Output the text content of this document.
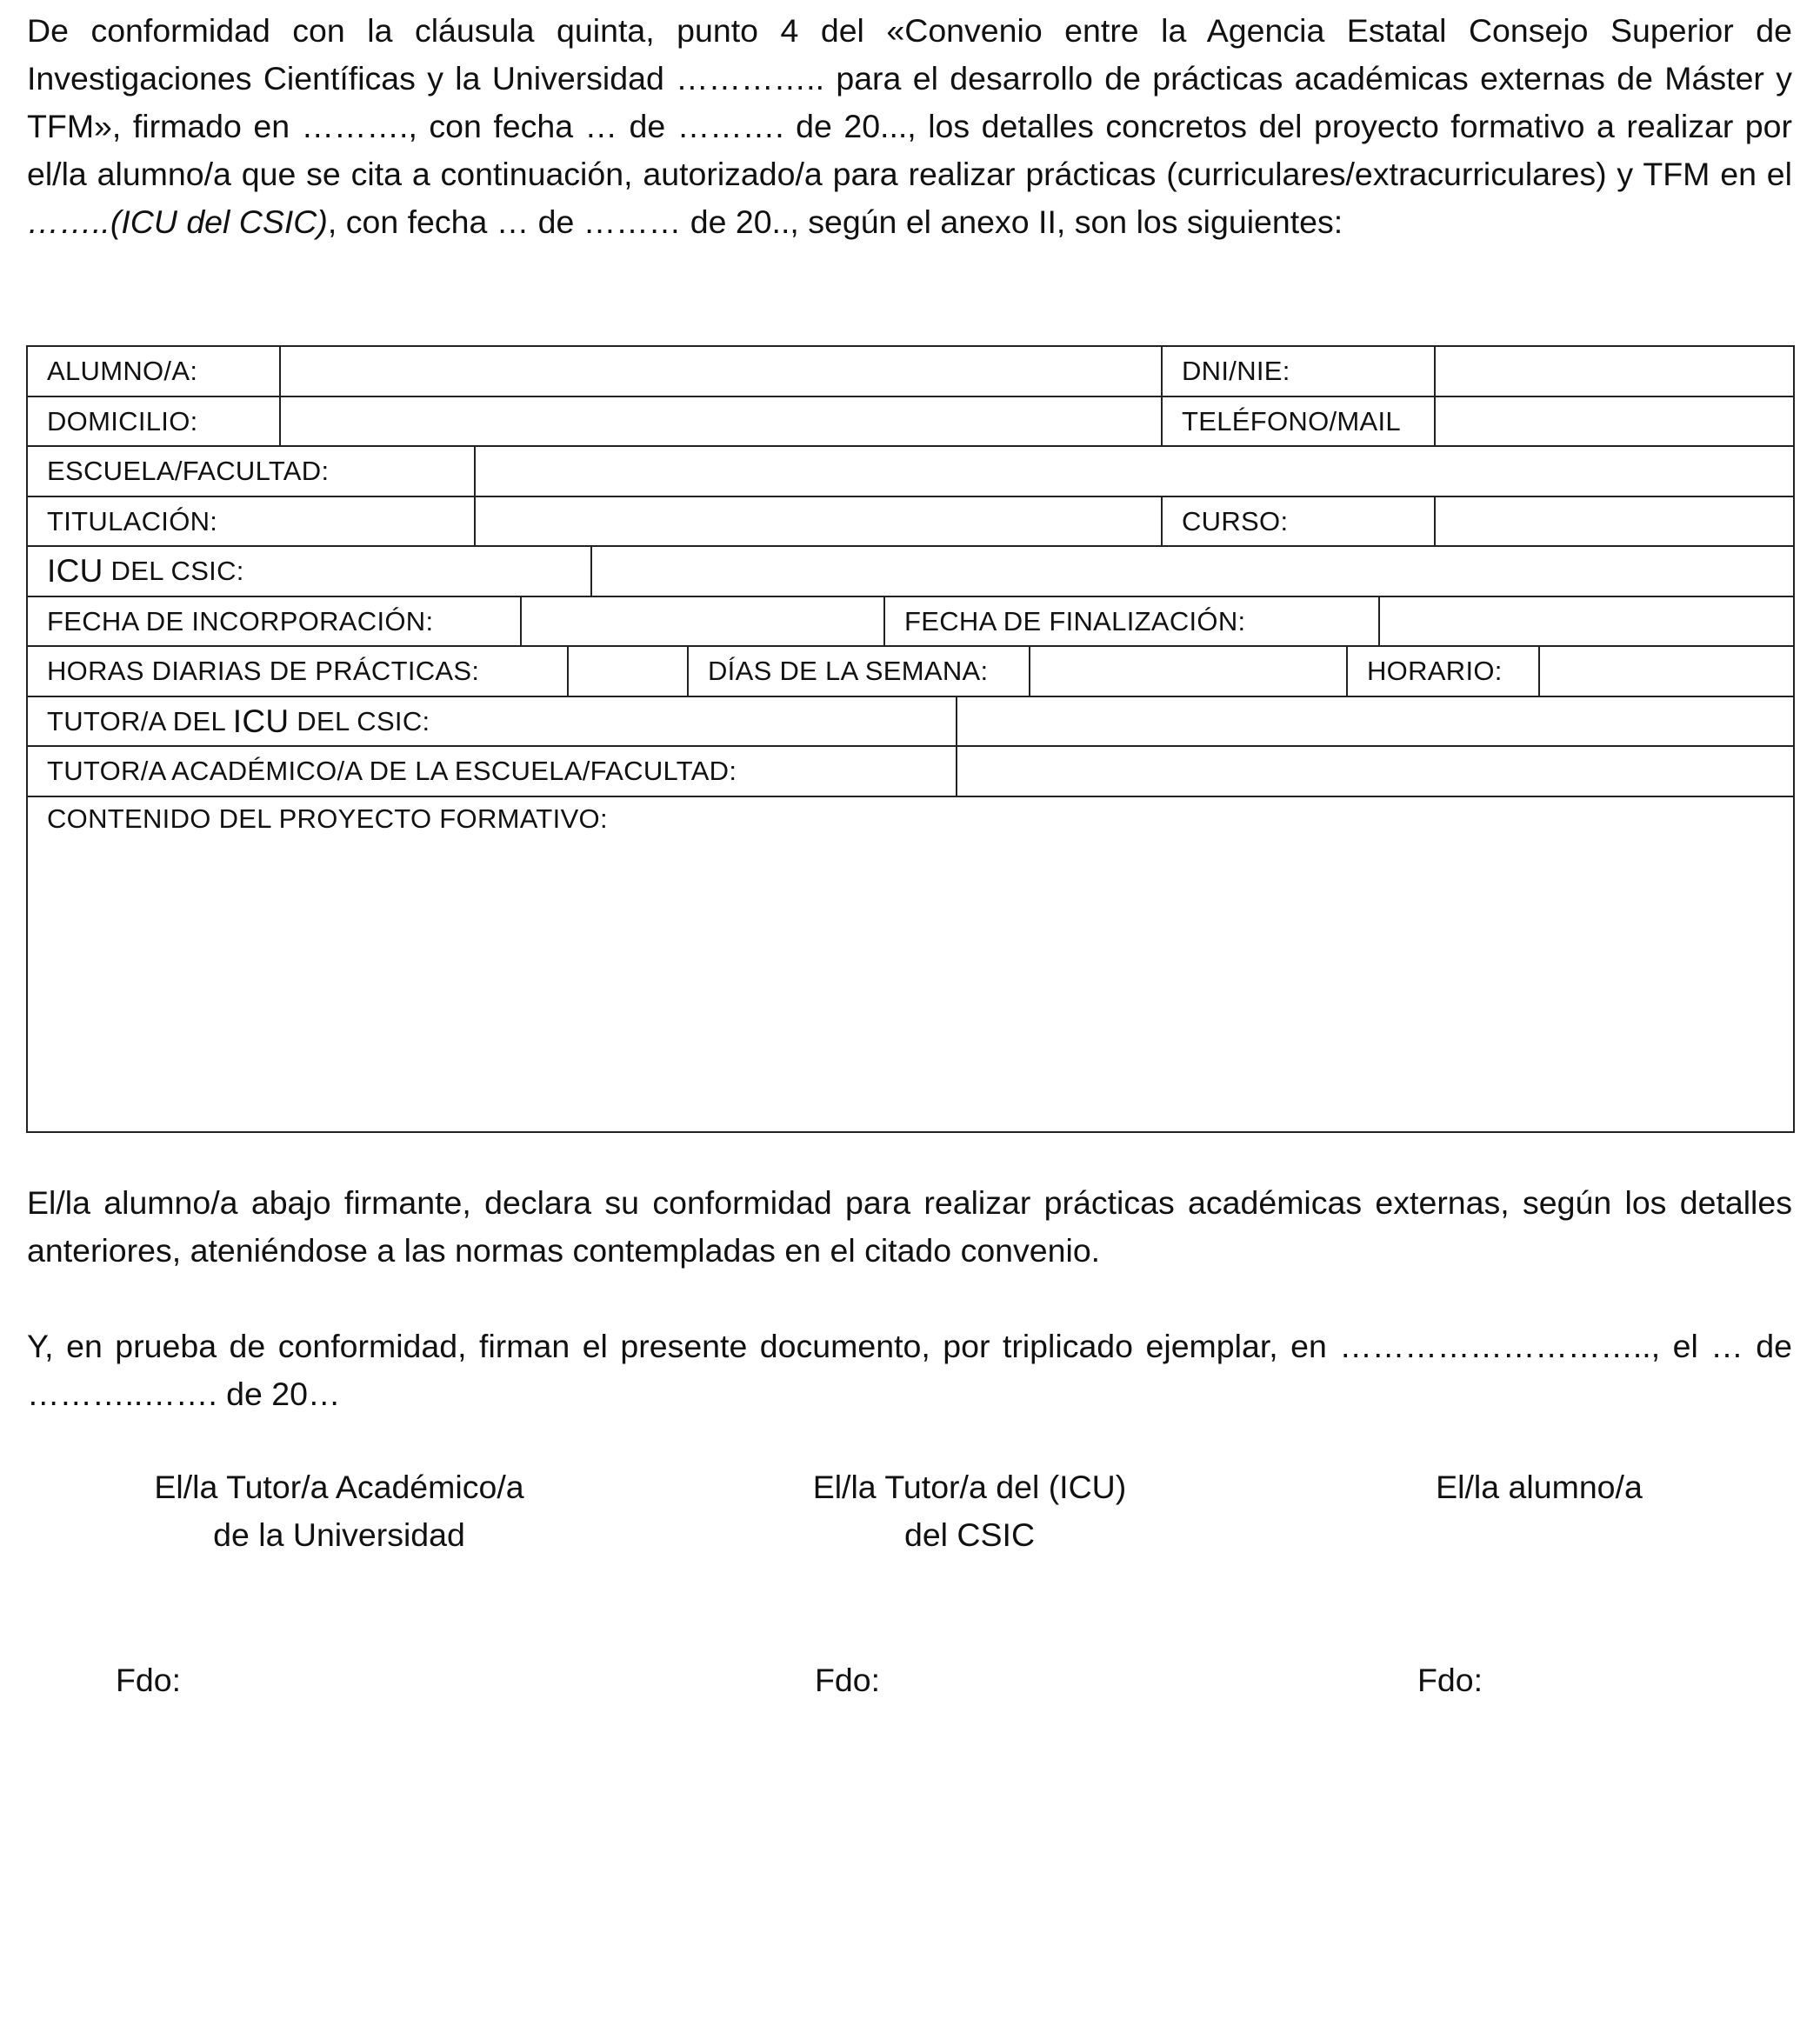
De conformidad con la cláusula quinta, punto 4 del «Convenio entre la Agencia Estatal Consejo Superior de Investigaciones Científicas y la Universidad ………….. para el desarrollo de prácticas académicas externas de Máster y TFM», firmado en ………., con fecha … de ………. de 20..., los detalles concretos del proyecto formativo a realizar por el/la alumno/a que se cita a continuación, autorizado/a para realizar prácticas (curriculares/extracurriculares) y TFM en el ……..(ICU del CSIC), con fecha … de ……… de 20.., según el anexo II, son los siguientes:

ALUMNO/A:	DNI/NIE:
DOMICILIO:	TELÉFONO/MAIL
ESCUELA/FACULTAD:
TITULACIÓN:	CURSO:
ICU DEL CSIC:
FECHA DE INCORPORACIÓN:	FECHA DE FINALIZACIÓN:
HORAS DIARIAS DE PRÁCTICAS:	DÍAS DE LA SEMANA:	HORARIO:
TUTOR/A DEL ICU DEL CSIC:
TUTOR/A ACADÉMICO/A DE LA ESCUELA/FACULTAD:
CONTENIDO DEL PROYECTO FORMATIVO:

El/la alumno/a abajo firmante, declara su conformidad para realizar prácticas académicas externas, según los detalles anteriores, ateniéndose a las normas contempladas en el citado convenio.

Y, en prueba de conformidad, firman el presente documento, por triplicado ejemplar, en ……………………….., el … de ………..……. de 20…

El/la Tutor/a Académico/a
de la Universidad
El/la Tutor/a del (ICU)
del CSIC
El/la alumno/a
Fdo:	Fdo:	Fdo:
